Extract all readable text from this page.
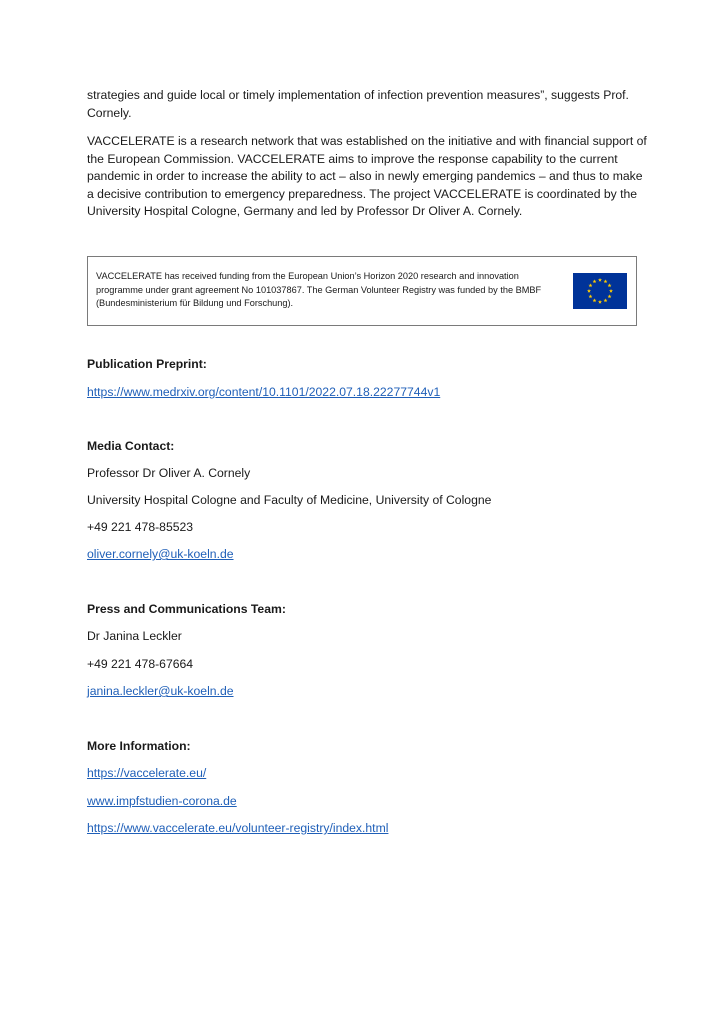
strategies and guide local or timely implementation of infection prevention measures”, suggests Prof. Cornely.

VACCELERATE is a research network that was established on the initiative and with financial support of the European Commission. VACCELERATE aims to improve the response capability to the current pandemic in order to increase the ability to act – also in newly emerging pandemics – and thus to make a decisive contribution to emergency preparedness. The project VACCELERATE is coordinated by the University Hospital Cologne, Germany and led by Professor Dr Oliver A. Cornely.

VACCELERATE has received funding from the European Union’s Horizon 2020 research and innovation programme under grant agreement No 101037867. The German Volunteer Registry was funded by the BMBF (Bundesministerium für Bildung und Forschung).
Publication Preprint:
https://www.medrxiv.org/content/10.1101/2022.07.18.22277744v1
Media Contact:
Professor Dr Oliver A. Cornely
University Hospital Cologne and Faculty of Medicine, University of Cologne
+49 221 478-85523
oliver.cornely@uk-koeln.de
Press and Communications Team:
Dr Janina Leckler
+49 221 478-67664
janina.leckler@uk-koeln.de
More Information:
https://vaccelerate.eu/
www.impfstudien-corona.de
https://www.vaccelerate.eu/volunteer-registry/index.html
